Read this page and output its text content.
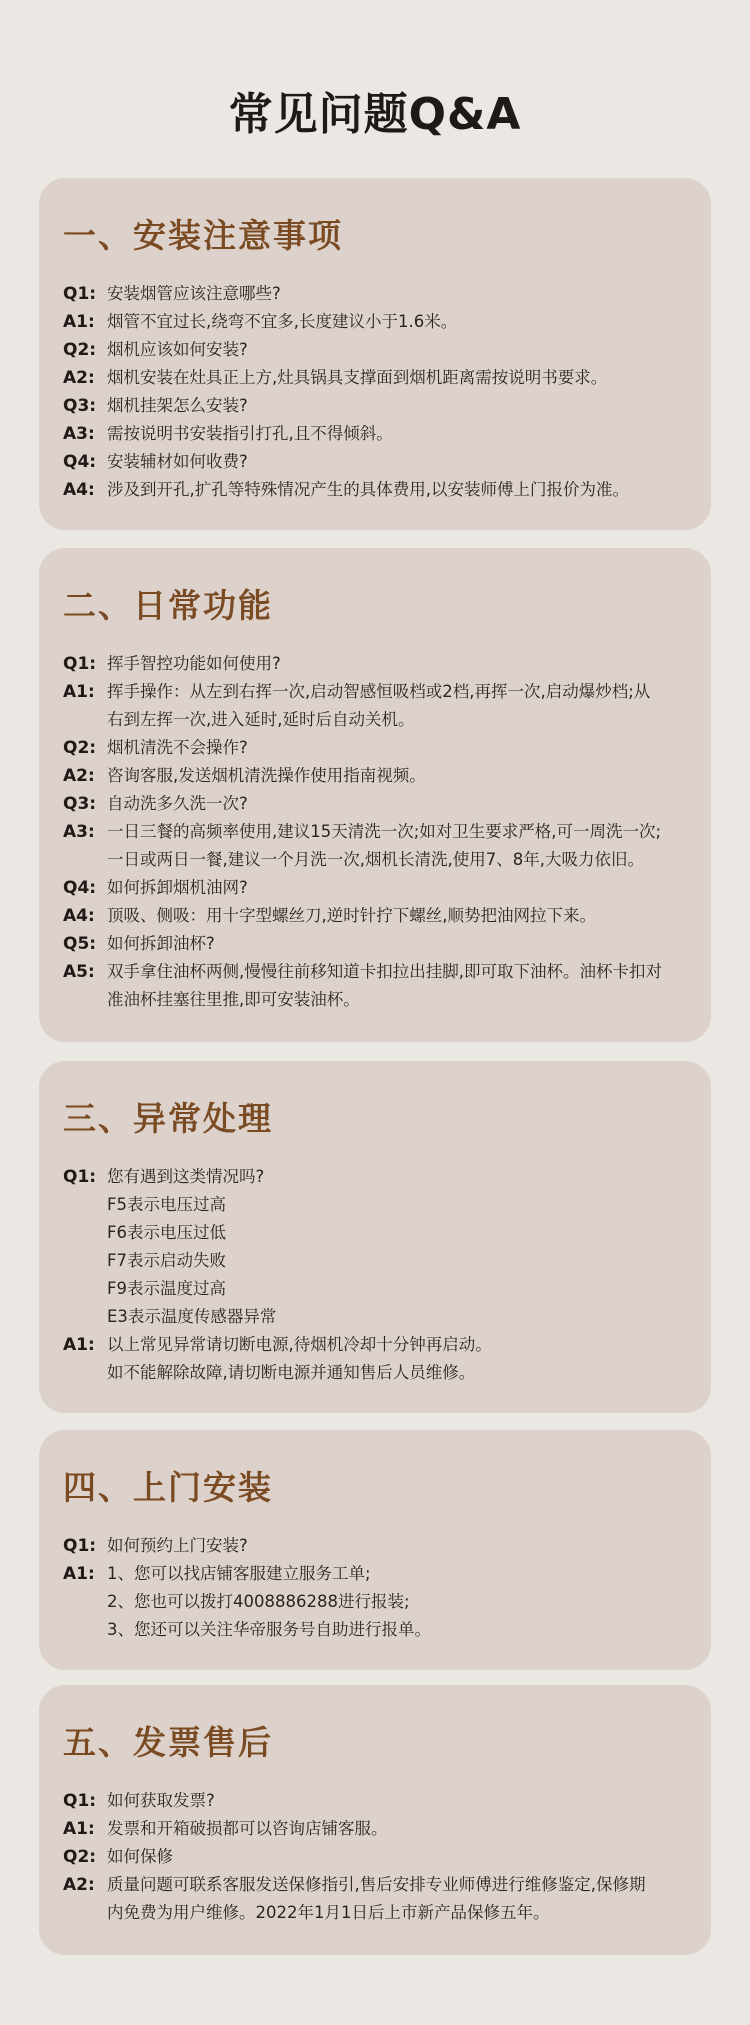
常见问题Q&A
一、安装注意事项
Q1: 安装烟管应该注意哪些?
A1: 烟管不宜过长,绕弯不宜多,长度建议小于1.6米。
Q2: 烟机应该如何安装?
A2: 烟机安装在灶具正上方,灶具锅具支撑面到烟机距离需按说明书要求。
Q3: 烟机挂架怎么安装?
A3: 需按说明书安装指引打孔,且不得倾斜。
Q4: 安装辅材如何收费?
A4: 涉及到开孔,扩孔等特殊情况产生的具体费用,以安装师傅上门报价为准。
二、日常功能
Q1: 挥手智控功能如何使用?
A1: 挥手操作：从左到右挥一次,启动智感恒吸档或2档,再挥一次,启动爆炒档;从
右到左挥一次,进入延时,延时后自动关机。
Q2: 烟机清洗不会操作?
A2: 咨询客服,发送烟机清洗操作使用指南视频。
Q3: 自动洗多久洗一次?
A3: 一日三餐的高频率使用,建议15天清洗一次;如对卫生要求严格,可一周洗一次;
一日或两日一餐,建议一个月洗一次,烟机长清洗,使用7、8年,大吸力依旧。
Q4: 如何拆卸烟机油网?
A4: 顶吸、侧吸：用十字型螺丝刀,逆时针拧下螺丝,顺势把油网拉下来。
Q5: 如何拆卸油杯?
A5: 双手拿住油杯两侧,慢慢往前移知道卡扣拉出挂脚,即可取下油杯。油杯卡扣对
准油杯挂塞往里推,即可安装油杯。
三、异常处理
Q1: 您有遇到这类情况吗?
F5表示电压过高
F6表示电压过低
F7表示启动失败
F9表示温度过高
E3表示温度传感器异常
A1: 以上常见异常请切断电源,待烟机冷却十分钟再启动。
如不能解除故障,请切断电源并通知售后人员维修。
四、上门安装
Q1: 如何预约上门安装?
A1: 1、您可以找店铺客服建立服务工单;
2、您也可以拨打4008886288进行报装;
3、您还可以关注华帝服务号自助进行报单。
五、发票售后
Q1: 如何获取发票?
A1: 发票和开箱破损都可以咨询店铺客服。
Q2: 如何保修
A2: 质量问题可联系客服发送保修指引,售后安排专业师傅进行维修鉴定,保修期
内免费为用户维修。2022年1月1日后上市新产品保修五年。
